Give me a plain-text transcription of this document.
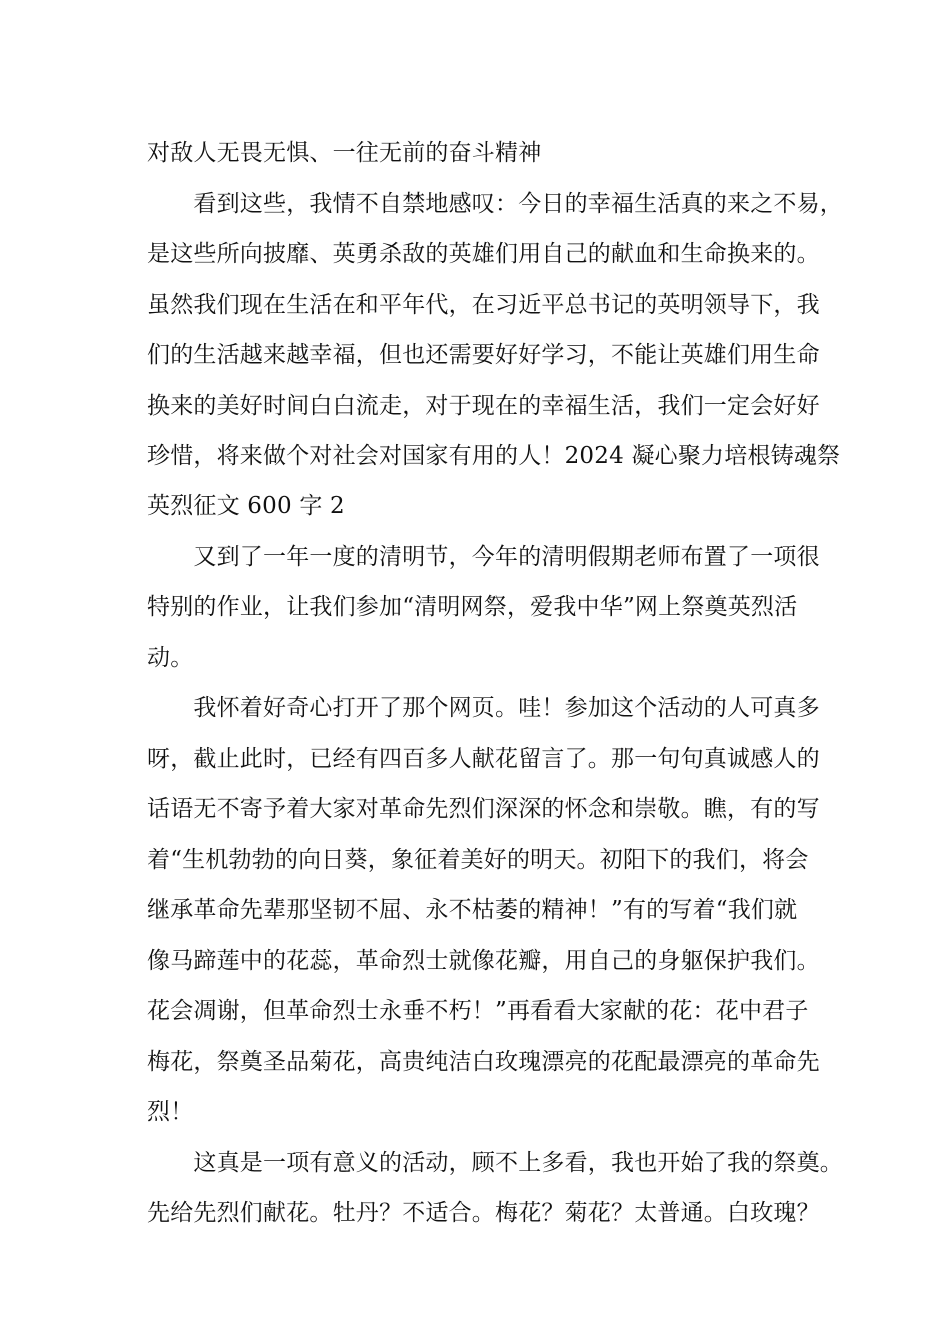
对敌人无畏无惧、一往无前的奋斗精神
　　看到这些，我情不自禁地感叹：今日的幸福生活真的来之不易，
是这些所向披靡、英勇杀敌的英雄们用自己的献血和生命换来的。
虽然我们现在生活在和平年代，在习近平总书记的英明领导下，我
们的生活越来越幸福，但也还需要好好学习，不能让英雄们用生命
换来的美好时间白白流走，对于现在的幸福生活，我们一定会好好
珍惜，将来做个对社会对国家有用的人！2024 凝心聚力培根铸魂祭
英烈征文 600 字 2
　　又到了一年一度的清明节，今年的清明假期老师布置了一项很
特别的作业，让我们参加“清明网祭，爱我中华”网上祭奠英烈活
动。
　　我怀着好奇心打开了那个网页。哇！参加这个活动的人可真多
呀，截止此时，已经有四百多人献花留言了。那一句句真诚感人的
话语无不寄予着大家对革命先烈们深深的怀念和崇敬。瞧，有的写
着“生机勃勃的向日葵，象征着美好的明天。初阳下的我们，将会
继承革命先辈那坚韧不屈、永不枯萎的精神！”有的写着“我们就
像马蹄莲中的花蕊，革命烈士就像花瓣，用自己的身躯保护我们。
花会凋谢，但革命烈士永垂不朽！”再看看大家献的花：花中君子
梅花，祭奠圣品菊花，高贵纯洁白玫瑰漂亮的花配最漂亮的革命先
烈！
　　这真是一项有意义的活动，顾不上多看，我也开始了我的祭奠。
先给先烈们献花。牡丹？不适合。梅花？菊花？太普通。白玫瑰？
